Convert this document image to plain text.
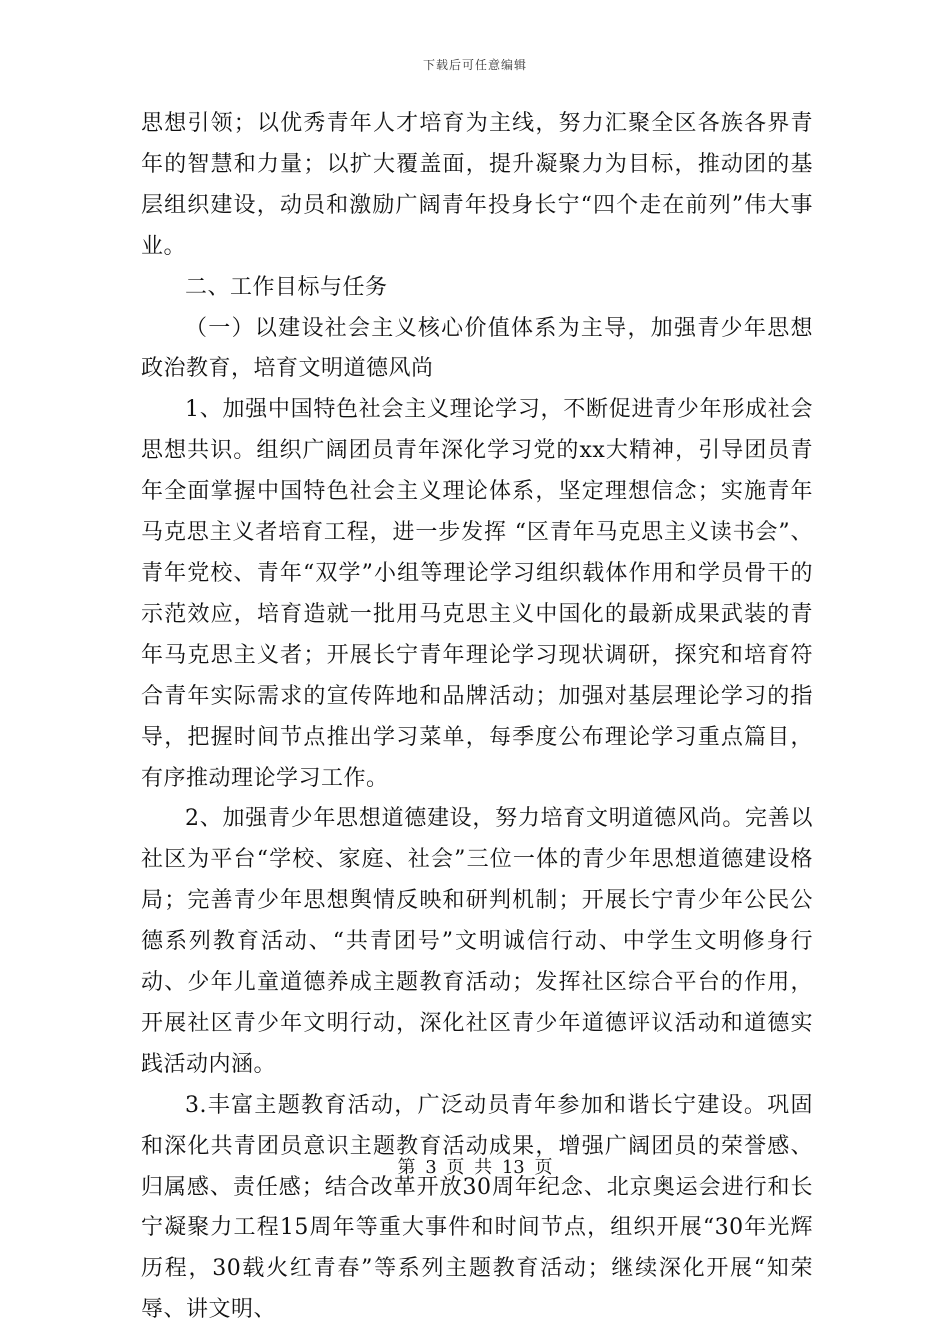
下载后可任意编辑

思想引领；以优秀青年人才培育为主线，努力汇聚全区各族各界青年的智慧和力量；以扩大覆盖面，提升凝聚力为目标，推动团的基层组织建设，动员和激励广阔青年投身长宁“四个走在前列”伟大事业。

二、工作目标与任务

（一）以建设社会主义核心价值体系为主导，加强青少年思想政治教育，培育文明道德风尚

1、加强中国特色社会主义理论学习，不断促进青少年形成社会思想共识。组织广阔团员青年深化学习党的xx大精神，引导团员青年全面掌握中国特色社会主义理论体系，坚定理想信念；实施青年马克思主义者培育工程，进一步发挥 “区青年马克思主义读书会”、青年党校、青年“双学”小组等理论学习组织载体作用和学员骨干的示范效应，培育造就一批用马克思主义中国化的最新成果武装的青年马克思主义者；开展长宁青年理论学习现状调研，探究和培育符合青年实际需求的宣传阵地和品牌活动；加强对基层理论学习的指导，把握时间节点推出学习菜单，每季度公布理论学习重点篇目，有序推动理论学习工作。

2、加强青少年思想道德建设，努力培育文明道德风尚。完善以社区为平台“学校、家庭、社会”三位一体的青少年思想道德建设格局；完善青少年思想舆情反映和研判机制；开展长宁青少年公民公德系列教育活动、“共青团号”文明诚信行动、中学生文明修身行动、少年儿童道德养成主题教育活动；发挥社区综合平台的作用，开展社区青少年文明行动，深化社区青少年道德评议活动和道德实践活动内涵。

3.丰富主题教育活动，广泛动员青年参加和谐长宁建设。巩固和深化共青团员意识主题教育活动成果，增强广阔团员的荣誉感、归属感、责任感；结合改革开放30周年纪念、北京奥运会进行和长宁凝聚力工程15周年等重大事件和时间节点，组织开展“30年光辉历程，30载火红青春”等系列主题教育活动；继续深化开展“知荣辱、讲文明、

第 3 页 共 13 页
